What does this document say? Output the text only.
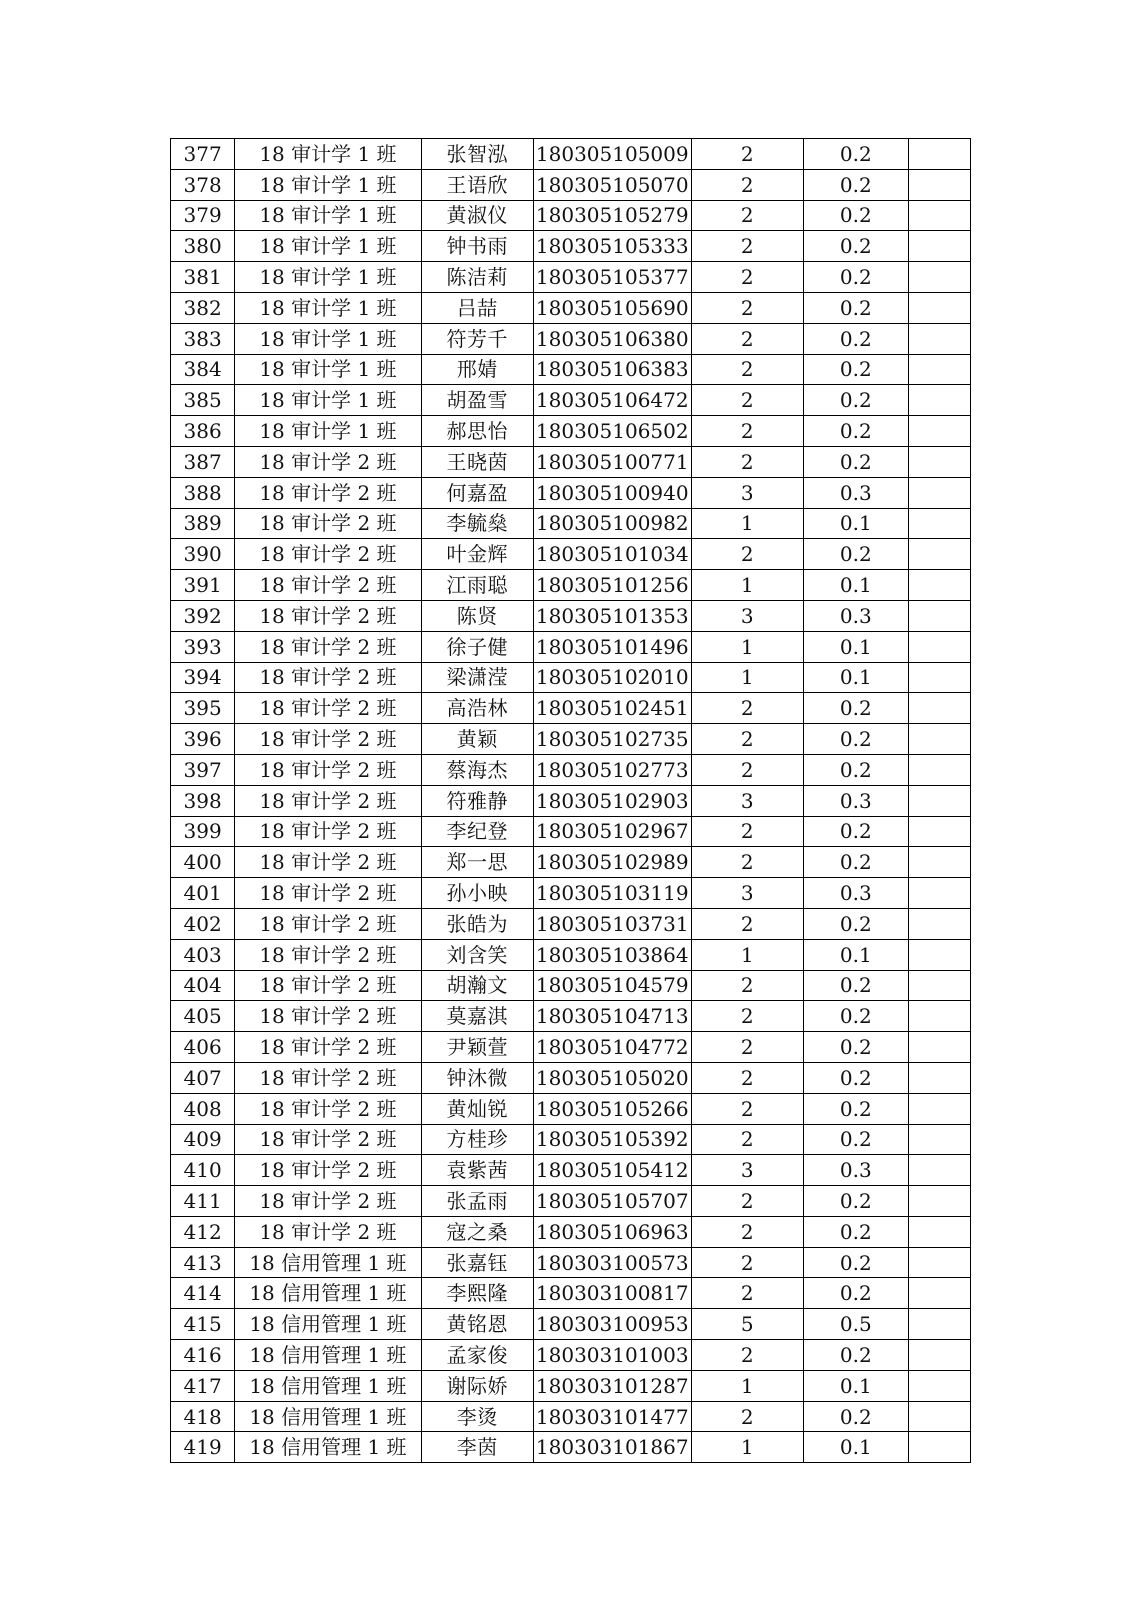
377	18 审计学 1 班	张智泓	180305105009	2	0.2	
378	18 审计学 1 班	王语欣	180305105070	2	0.2	
379	18 审计学 1 班	黄淑仪	180305105279	2	0.2	
380	18 审计学 1 班	钟书雨	180305105333	2	0.2	
381	18 审计学 1 班	陈洁莉	180305105377	2	0.2	
382	18 审计学 1 班	吕喆	180305105690	2	0.2	
383	18 审计学 1 班	符芳千	180305106380	2	0.2	
384	18 审计学 1 班	邢婧	180305106383	2	0.2	
385	18 审计学 1 班	胡盈雪	180305106472	2	0.2	
386	18 审计学 1 班	郝思怡	180305106502	2	0.2	
387	18 审计学 2 班	王晓茵	180305100771	2	0.2	
388	18 审计学 2 班	何嘉盈	180305100940	3	0.3	
389	18 审计学 2 班	李毓燊	180305100982	1	0.1	
390	18 审计学 2 班	叶金辉	180305101034	2	0.2	
391	18 审计学 2 班	江雨聪	180305101256	1	0.1	
392	18 审计学 2 班	陈贤	180305101353	3	0.3	
393	18 审计学 2 班	徐子健	180305101496	1	0.1	
394	18 审计学 2 班	梁潇滢	180305102010	1	0.1	
395	18 审计学 2 班	高浩林	180305102451	2	0.2	
396	18 审计学 2 班	黄颖	180305102735	2	0.2	
397	18 审计学 2 班	蔡海杰	180305102773	2	0.2	
398	18 审计学 2 班	符雅静	180305102903	3	0.3	
399	18 审计学 2 班	李纪登	180305102967	2	0.2	
400	18 审计学 2 班	郑一思	180305102989	2	0.2	
401	18 审计学 2 班	孙小映	180305103119	3	0.3	
402	18 审计学 2 班	张皓为	180305103731	2	0.2	
403	18 审计学 2 班	刘含笑	180305103864	1	0.1	
404	18 审计学 2 班	胡瀚文	180305104579	2	0.2	
405	18 审计学 2 班	莫嘉淇	180305104713	2	0.2	
406	18 审计学 2 班	尹颖萱	180305104772	2	0.2	
407	18 审计学 2 班	钟沐微	180305105020	2	0.2	
408	18 审计学 2 班	黄灿锐	180305105266	2	0.2	
409	18 审计学 2 班	方桂珍	180305105392	2	0.2	
410	18 审计学 2 班	袁紫茜	180305105412	3	0.3	
411	18 审计学 2 班	张孟雨	180305105707	2	0.2	
412	18 审计学 2 班	寇之桑	180305106963	2	0.2	
413	18 信用管理 1 班	张嘉钰	180303100573	2	0.2	
414	18 信用管理 1 班	李熙隆	180303100817	2	0.2	
415	18 信用管理 1 班	黄铭恩	180303100953	5	0.5	
416	18 信用管理 1 班	孟家俊	180303101003	2	0.2	
417	18 信用管理 1 班	谢际娇	180303101287	1	0.1	
418	18 信用管理 1 班	李烫	180303101477	2	0.2	
419	18 信用管理 1 班	李茵	180303101867	1	0.1	
